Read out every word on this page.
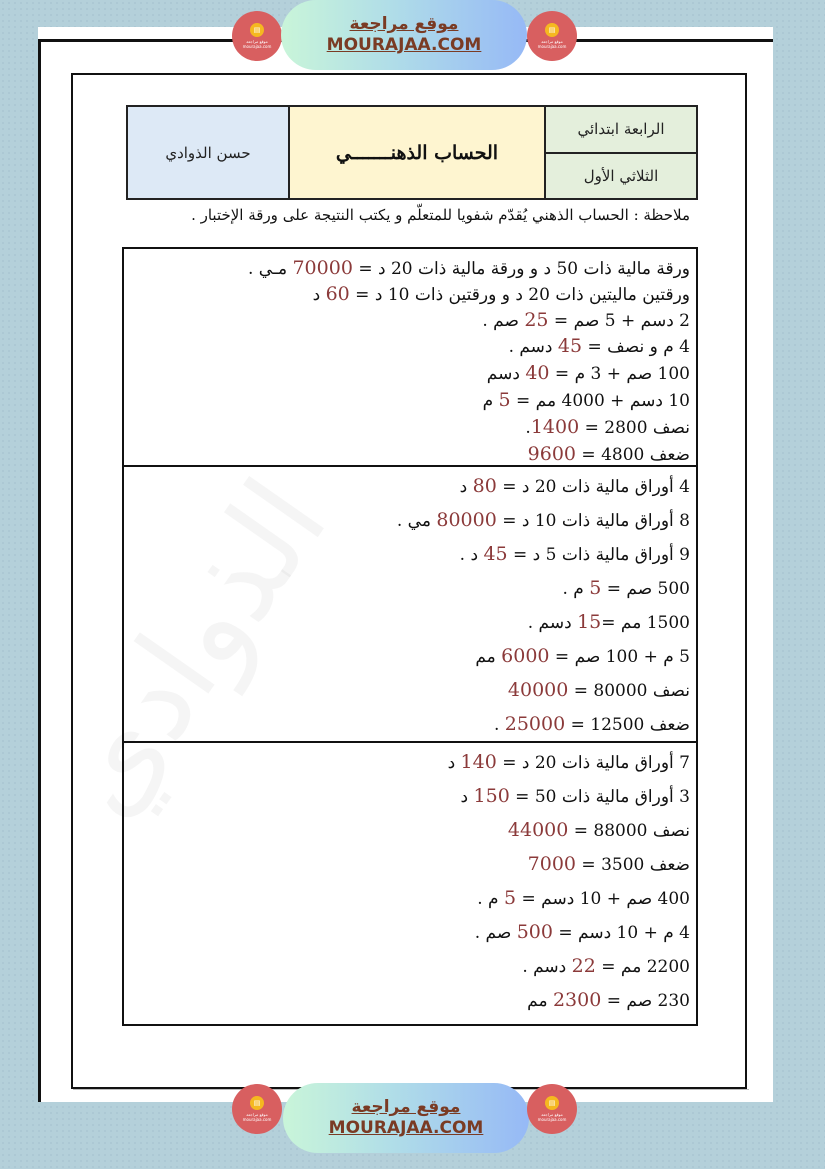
حسن الذوادي	الحساب الذهنـــــــي
الرابعة ابتدائي
الثلاثي الأول
ملاحظة : الحساب الذهني يُقدّم شفويا للمتعلّم و يكتب النتيجة على ورقة الإختبار .
ورقة مالية ذات 50 د و ورقة مالية ذات 20 د = 70000 مـي .
ورقتين ماليتين ذات 20 د و ورقتين ذات 10 د = 60 د
2 دسم + 5 صم = 25 صم .
4 م و نصف = 45 دسم .
100 صم + 3 م = 40 دسم
10 دسم + 4000 مم = 5 م
نصف 2800 = 1400.
ضعف 4800 = 9600
4 أوراق مالية ذات 20 د = 80 د
8 أوراق مالية ذات 10 د = 80000 مي .
9 أوراق مالية ذات 5 د = 45 د .
500 صم = 5 م .
1500 مم =15 دسم .
5 م + 100 صم = 6000 مم
نصف 80000 = 40000
ضعف 12500 = 25000 .
7 أوراق مالية ذات 20 د = 140 د
3 أوراق مالية ذات 50 = 150 د
نصف 88000 = 44000
ضعف 3500 = 7000
400 صم + 10 دسم = 5 م .
4 م + 10 دسم = 500 صم .
2200 مم = 22 دسم .
230 صم = 2300 مم
▤
موقع مراجعة mourajaa.com
موقع مراجعة
MOURAJAA.COM
▤
موقع مراجعة mourajaa.com
▤
موقع مراجعة mourajaa.com
موقع مراجعة
MOURAJAA.COM
▤
موقع مراجعة mourajaa.com
